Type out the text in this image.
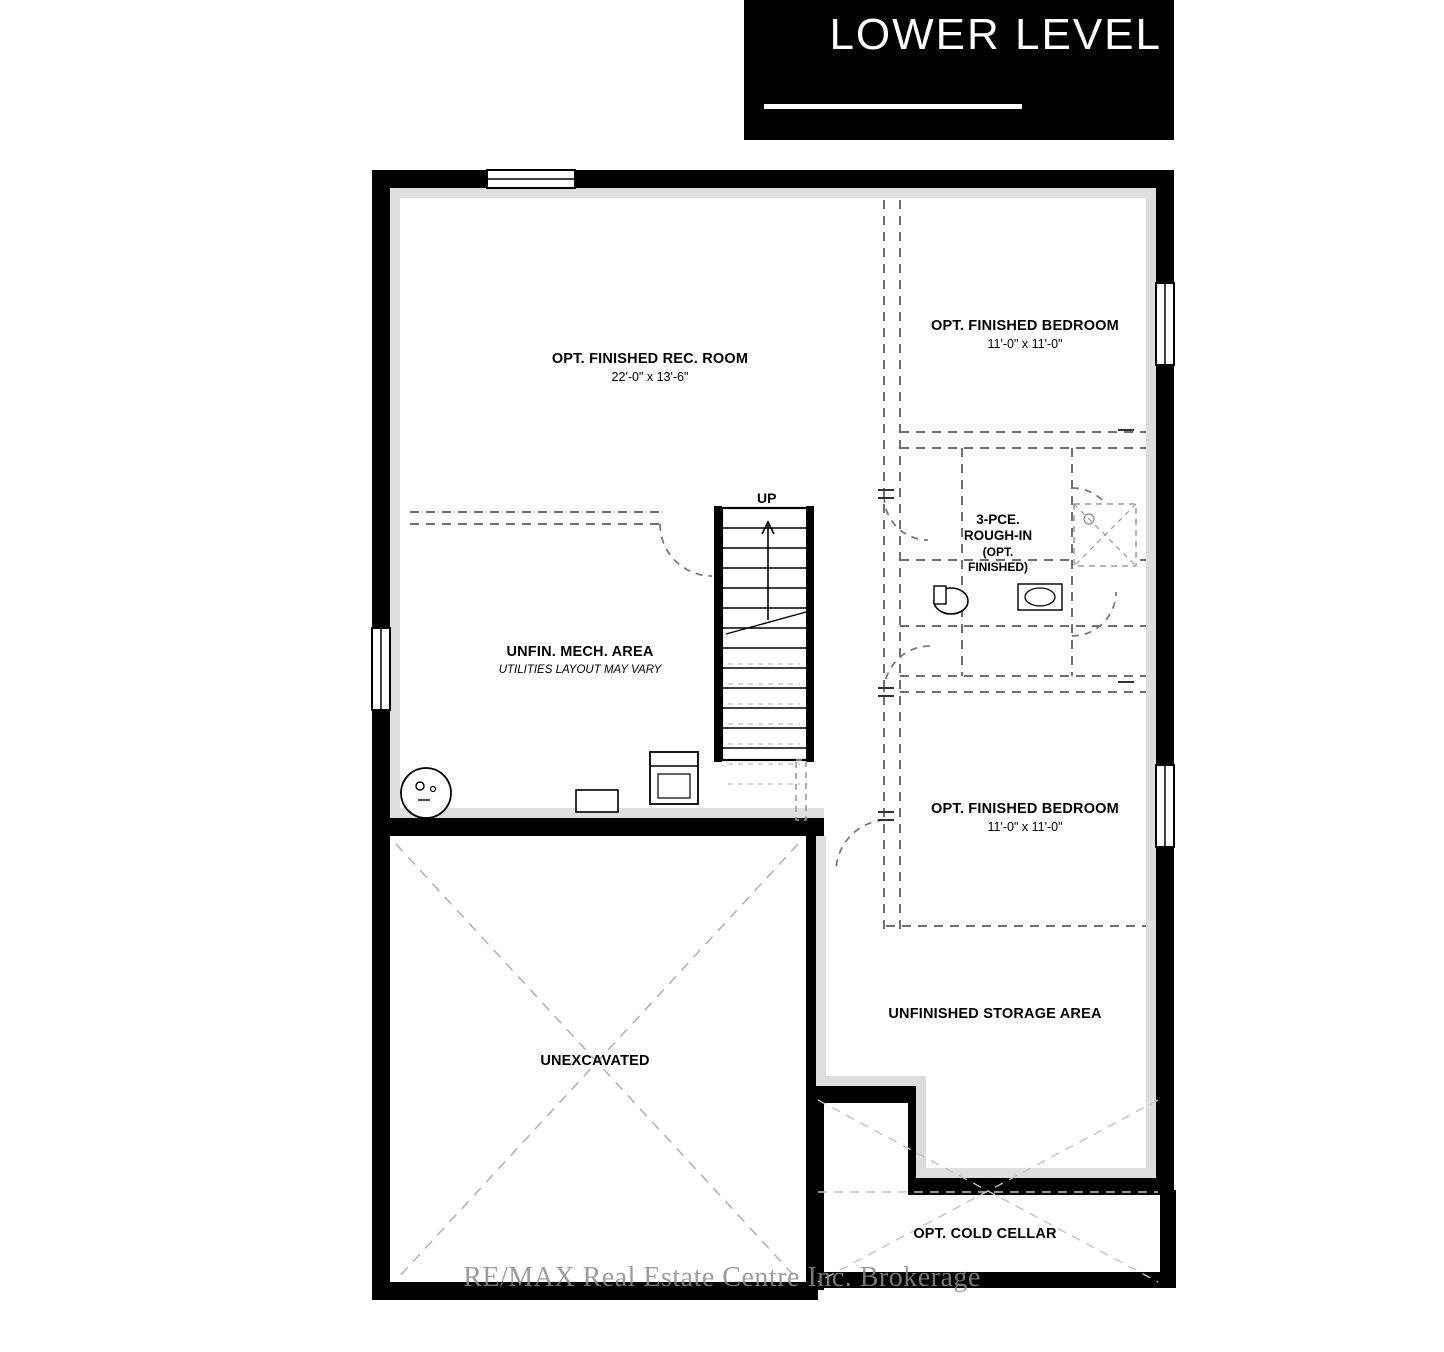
LOWER LEVEL
OPT. FINISHED REC. ROOM
22'-0" x 13'-6"
OPT. FINISHED BEDROOM
11'-0" x 11'-0"
OPT. FINISHED BEDROOM
11'-0" x 11'-0"
UNFIN. MECH. AREA
UTILITIES LAYOUT MAY VARY
3-PCE.
ROUGH-IN
(OPT.
FINISHED)
UNFINISHED STORAGE AREA
UNEXCAVATED
OPT. COLD CELLAR
UP
RE/MAX Real Estate Centre Inc. Brokerage
